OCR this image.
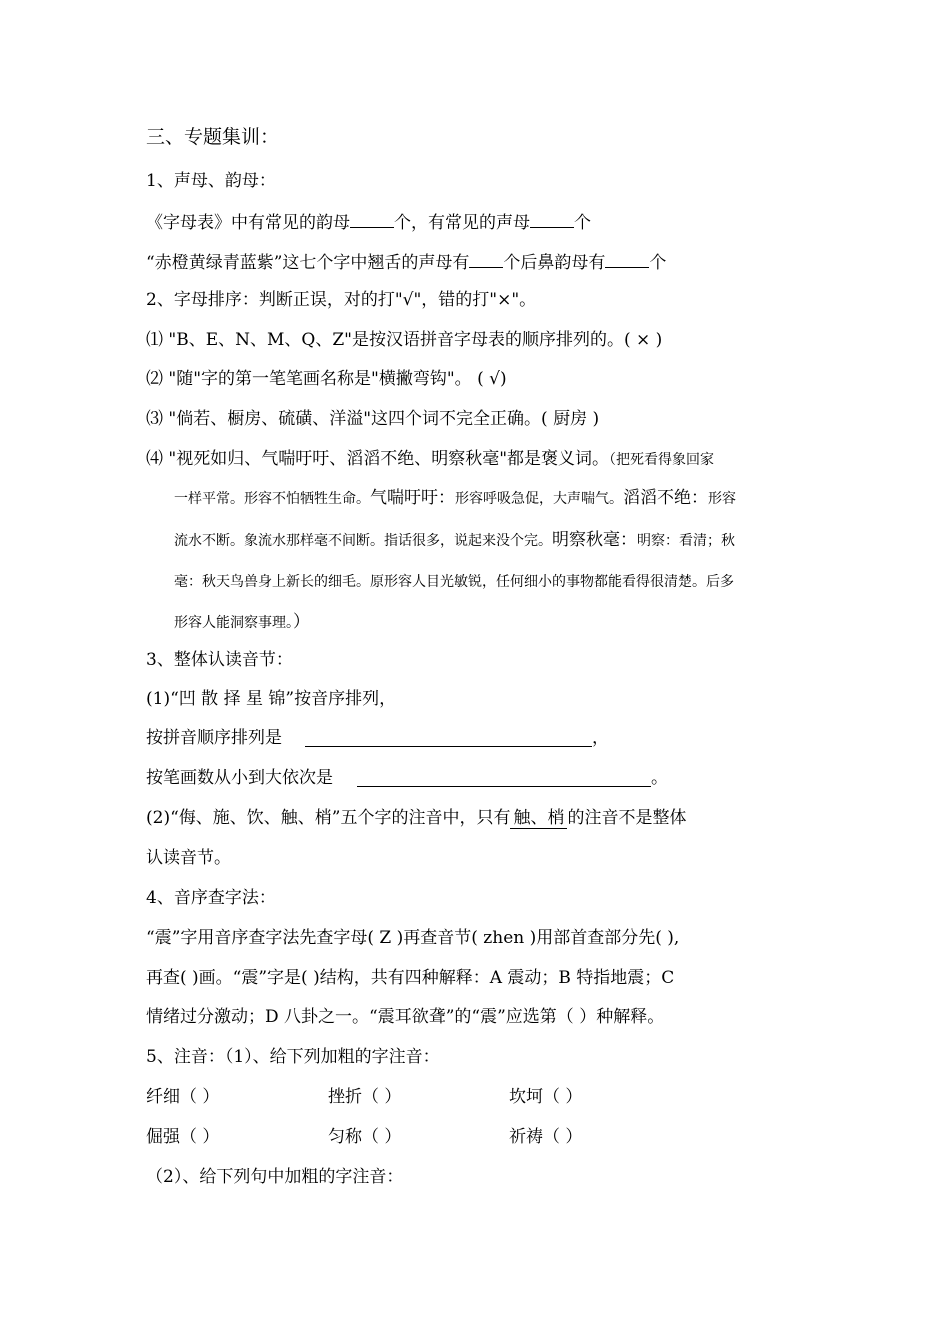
三、专题集训：
1、声母、韵母：
《字母表》中有常见的韵母	个，有常见的声母	个
“赤橙黄绿青蓝紫”这七个字中翘舌的声母有 个后鼻韵母有	个
2、字母排序：判断正误，对的打"√"，错的打"×"。
⑴ "B、E、N、M、Q、Z"是按汉语拼音字母表的顺序排列的。( × )
⑵ "随"字的第一笔笔画名称是"横撇弯钩"。 ( √)
⑶ "倘若、橱房、硫磺、洋溢"这四个词不完全正确。( 厨房 )
⑷ "视死如归、气喘吁吁、滔滔不绝、明察秋毫"都是褒义词。（把死看得象回家
一样平常。形容不怕牺牲生命。气喘吁吁：形容呼吸急促，大声喘气。滔滔不绝：形容
流水不断。象流水那样毫不间断。指话很多，说起来没个完。明察秋毫：明察：看清；秋
毫：秋天鸟兽身上新长的细毛。原形容人目光敏锐，任何细小的事物都能看得很清楚。后多
形容人能洞察事理。）
3、整体认读音节：
(1)“凹 散 择 星 锦”按音序排列，
按拼音顺序排列是	，
按笔画数从小到大依次是	。
(2)“侮、施、饮、触、梢”五个字的注音中，只有 触、梢 的注音不是整体
认读音节。
4、音序查字法：
“震”字用音序查字法先查字母( Z )再查音节( zhen )用部首查部分先( ),
再查( )画。“震”字是( )结构，共有四种解释：A 震动；B 特指地震；C
情绪过分激动；D 八卦之一。“震耳欲聋”的“震”应选第（ ）种解释。
5、注音：（1）、给下列加粗的字注音：
纤细（ ）	挫折（ ）	坎坷（ ）
倔强（ ）	匀称（ ）	祈祷（ ）
（2）、给下列句中加粗的字注音：
